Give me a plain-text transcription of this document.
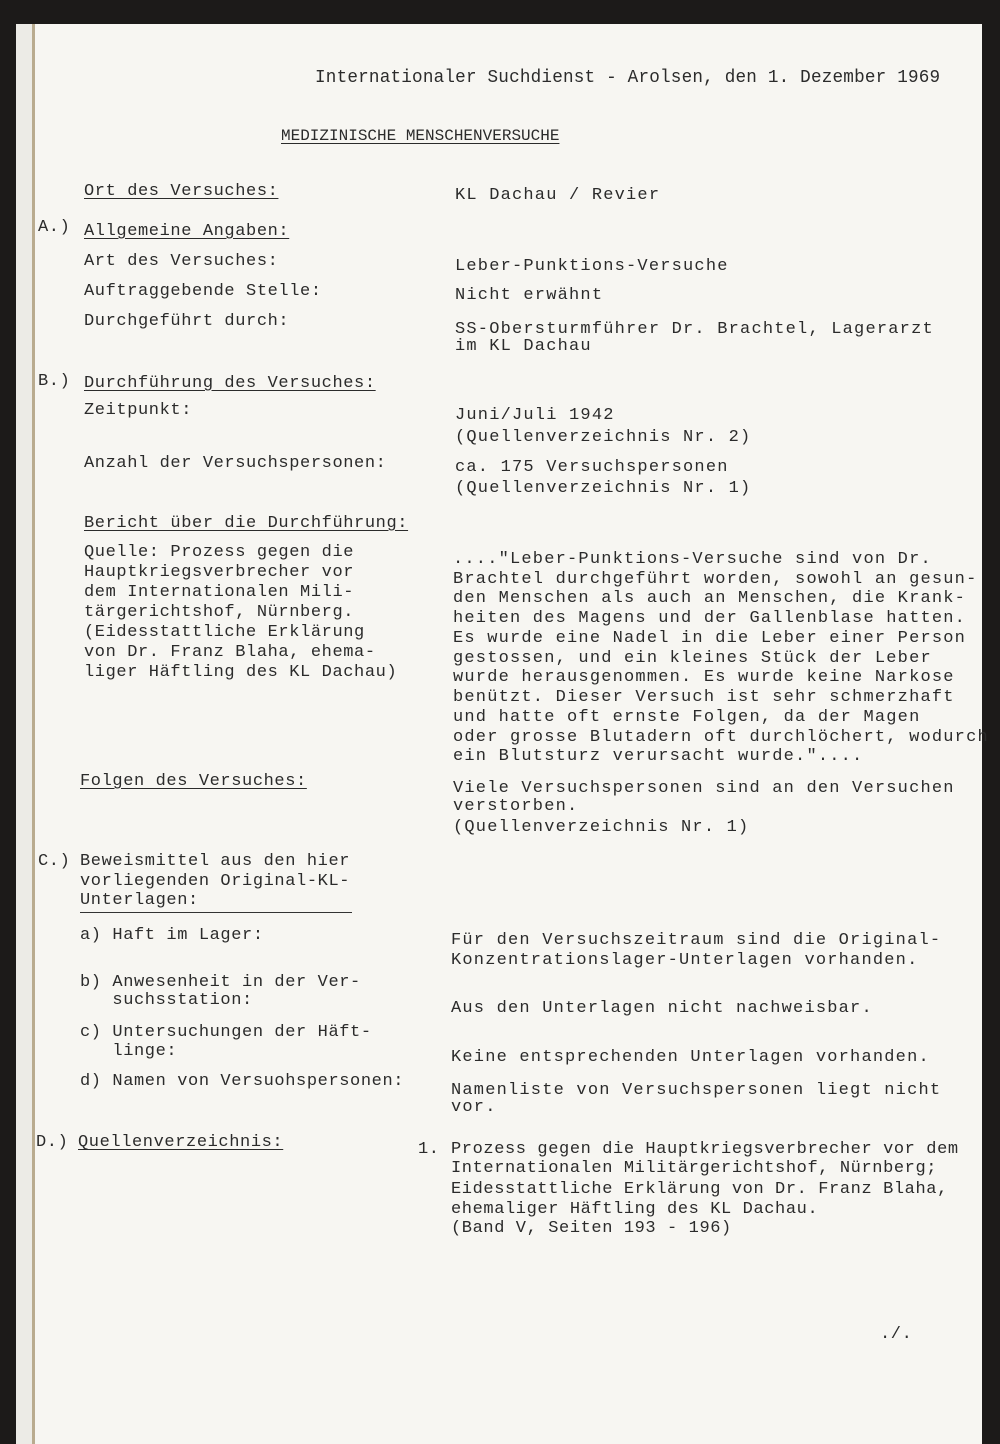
Internationaler Suchdienst - Arolsen, den 1. Dezember 1969
MEDIZINISCHE MENSCHENVERSUCHE
Ort des Versuches:	KL Dachau / Revier
A.) Allgemeine Angaben:
Art des Versuches:	Leber-Punktions-Versuche
Auftraggebende Stelle:	Nicht erwähnt
Durchgeführt durch:	SS-Obersturmführer Dr. Brachtel, Lagerarzt
im KL Dachau
B.) Durchführung des Versuches:
Zeitpunkt:	Juni/Juli 1942
(Quellenverzeichnis Nr. 2)
Anzahl der Versuchspersonen:	ca. 175 Versuchspersonen
(Quellenverzeichnis Nr. 1)
Bericht über die Durchführung:
Quelle: Prozess gegen die
Hauptkriegsverbrecher vor
dem Internationalen Mili-
tärgerichtshof, Nürnberg.
(Eidesstattliche Erklärung
von Dr. Franz Blaha, ehema-
liger Häftling des KL Dachau)
...."Leber-Punktions-Versuche sind von Dr.
Brachtel durchgeführt worden, sowohl an gesun-
den Menschen als auch an Menschen, die Krank-
heiten des Magens und der Gallenblase hatten.
Es wurde eine Nadel in die Leber einer Person
gestossen, und ein kleines Stück der Leber
wurde herausgenommen. Es wurde keine Narkose
benützt. Dieser Versuch ist sehr schmerzhaft
und hatte oft ernste Folgen, da der Magen
oder grosse Blutadern oft durchlöchert, wodurch
ein Blutsturz verursacht wurde."....
Folgen des Versuches:	Viele Versuchspersonen sind an den Versuchen
verstorben.
(Quellenverzeichnis Nr. 1)
C.) Beweismittel aus den hier
vorliegenden Original-KL-
Unterlagen:
a) Haft im Lager:	Für den Versuchszeitraum sind die Original-
Konzentrationslager-Unterlagen vorhanden.
b) Anwesenheit in der Ver-
suchsstation:	Aus den Unterlagen nicht nachweisbar.
c) Untersuchungen der Häft-
linge:	Keine entsprechenden Unterlagen vorhanden.
d) Namen von Versuohspersonen:	Namenliste von Versuchspersonen liegt nicht
vor.
D.) Quellenverzeichnis:	1. Prozess gegen die Hauptkriegsverbrecher vor dem
Internationalen Militärgerichtshof, Nürnberg;
Eidesstattliche Erklärung von Dr. Franz Blaha,
ehemaliger Häftling des KL Dachau.
(Band V, Seiten 193 - 196)
./.
